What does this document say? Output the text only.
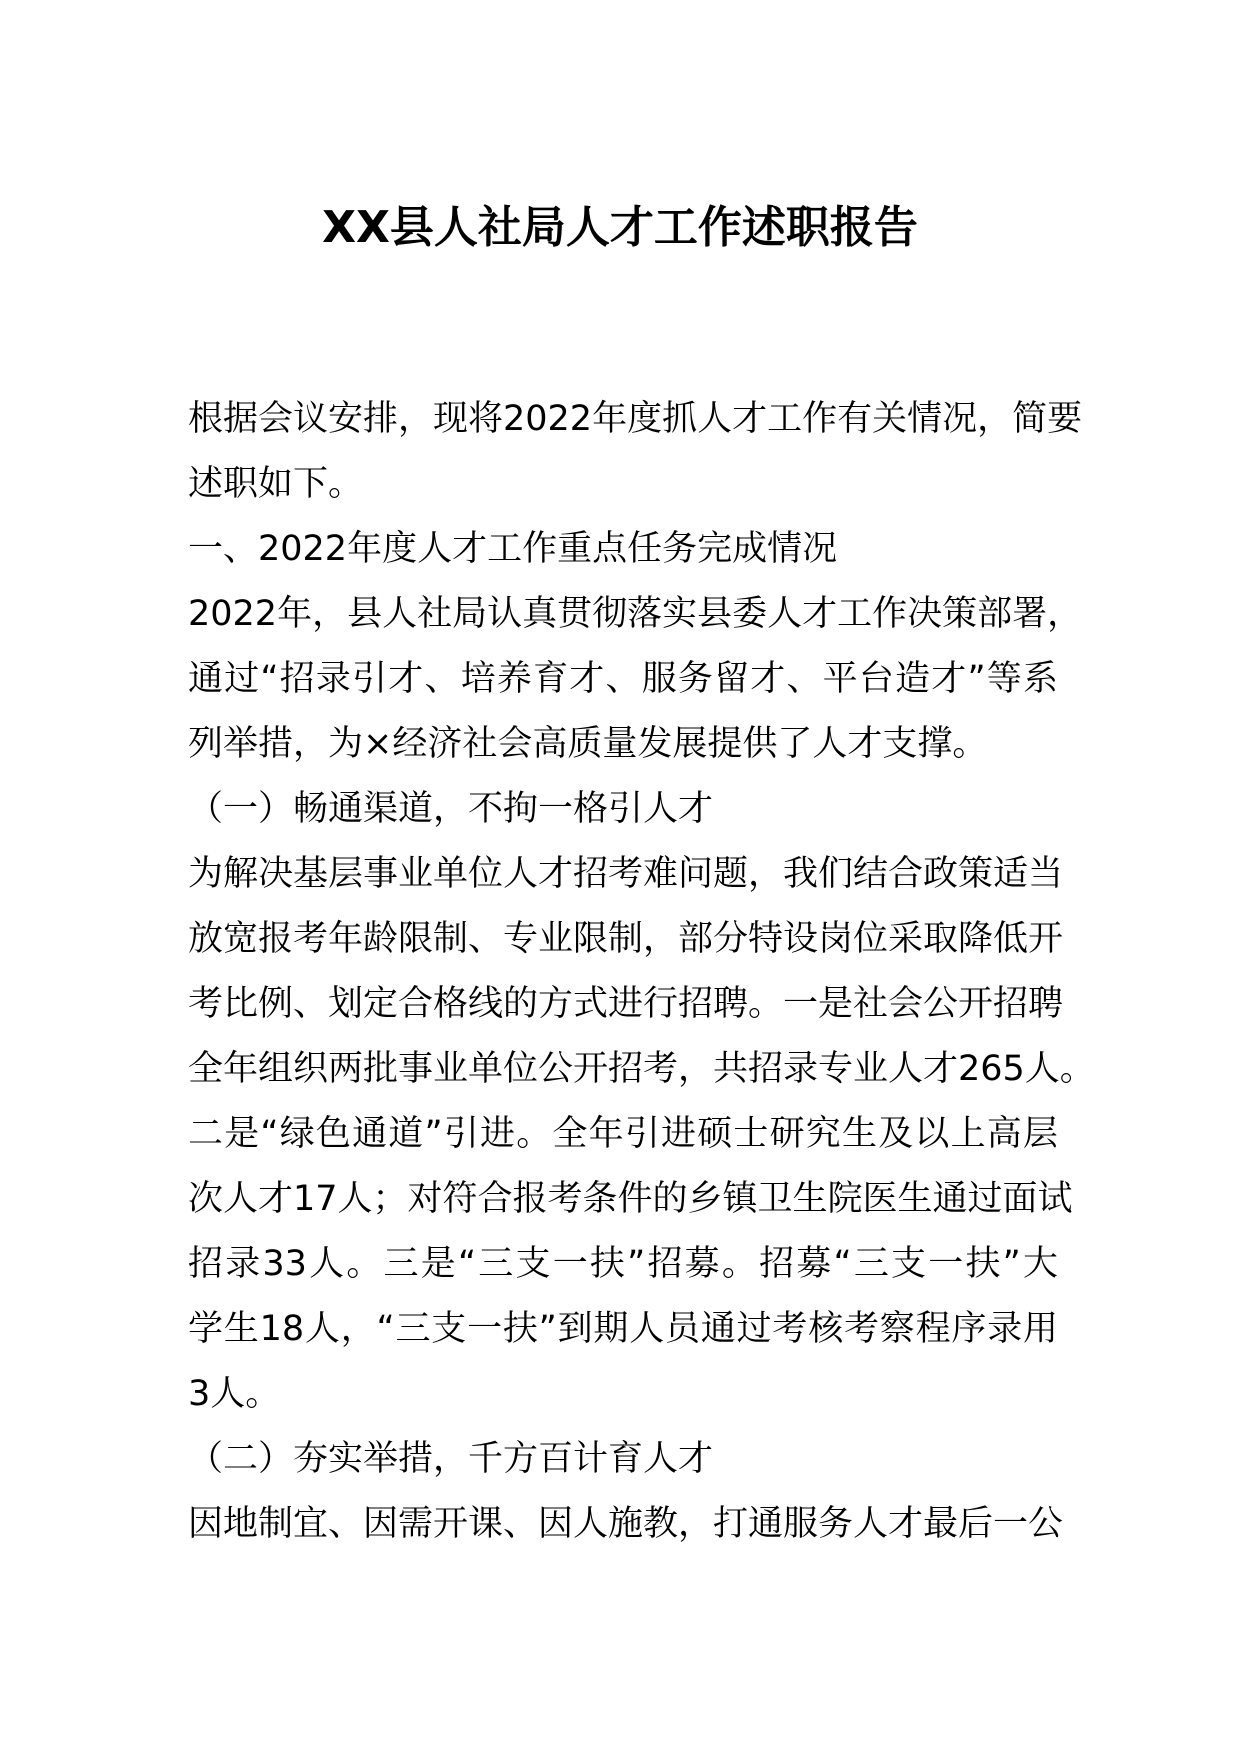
XX县人社局人才工作述职报告
根据会议安排，现将2022年度抓人才工作有关情况，简要
述职如下。
一、2022年度人才工作重点任务完成情况
2022年，县人社局认真贯彻落实县委人才工作决策部署，
通过“招录引才、培养育才、服务留才、平台造才”等系
列举措，为×经济社会高质量发展提供了人才支撑。
（一）畅通渠道，不拘一格引人才
为解决基层事业单位人才招考难问题，我们结合政策适当
放宽报考年龄限制、专业限制，部分特设岗位采取降低开
考比例、划定合格线的方式进行招聘。一是社会公开招聘
全年组织两批事业单位公开招考，共招录专业人才265人。
二是“绿色通道”引进。全年引进硕士研究生及以上高层
次人才17人；对符合报考条件的乡镇卫生院医生通过面试
招录33人。三是“三支一扶”招募。招募“三支一扶”大
学生18人，“三支一扶”到期人员通过考核考察程序录用
3人。
（二）夯实举措，千方百计育人才
因地制宜、因需开课、因人施教，打通服务人才最后一公
